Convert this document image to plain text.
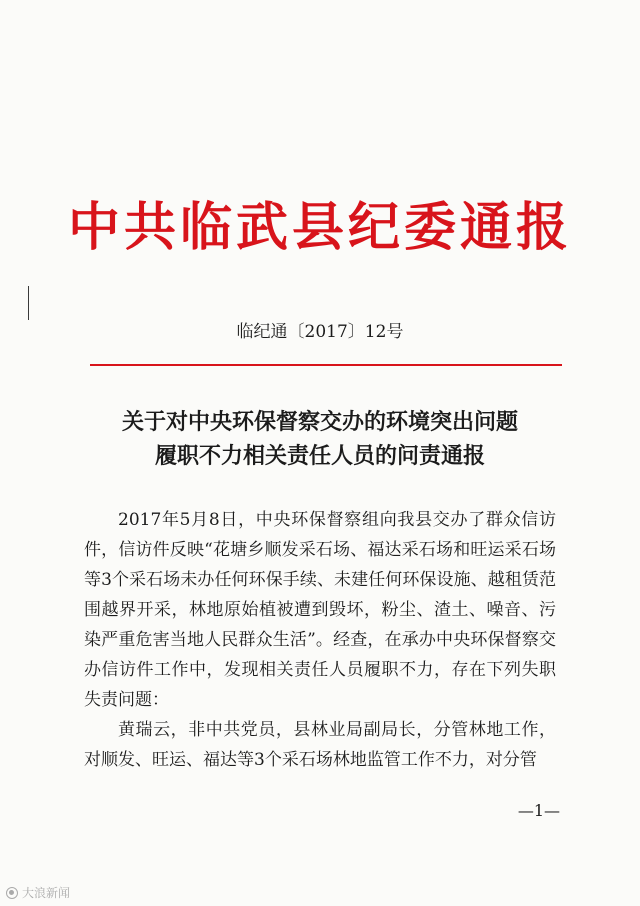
中共临武县纪委通报
临纪通〔2017〕12号
关于对中央环保督察交办的环境突出问题
履职不力相关责任人员的问责通报

2017年5月8日，中央环保督察组向我县交办了群众信访件，信访件反映“花塘乡顺发采石场、福达采石场和旺运采石场等3个采石场未办任何环保手续、未建任何环保设施、越租赁范围越界开采，林地原始植被遭到毁坏，粉尘、渣土、噪音、污染严重危害当地人民群众生活”。经查，在承办中央环保督察交办信访件工作中，发现相关责任人员履职不力，存在下列失职失责问题：

黄瑞云，非中共党员，县林业局副局长，分管林地工作，对顺发、旺运、福达等3个采石场林地监管工作不力，对分管

—1—
大浪新闻
